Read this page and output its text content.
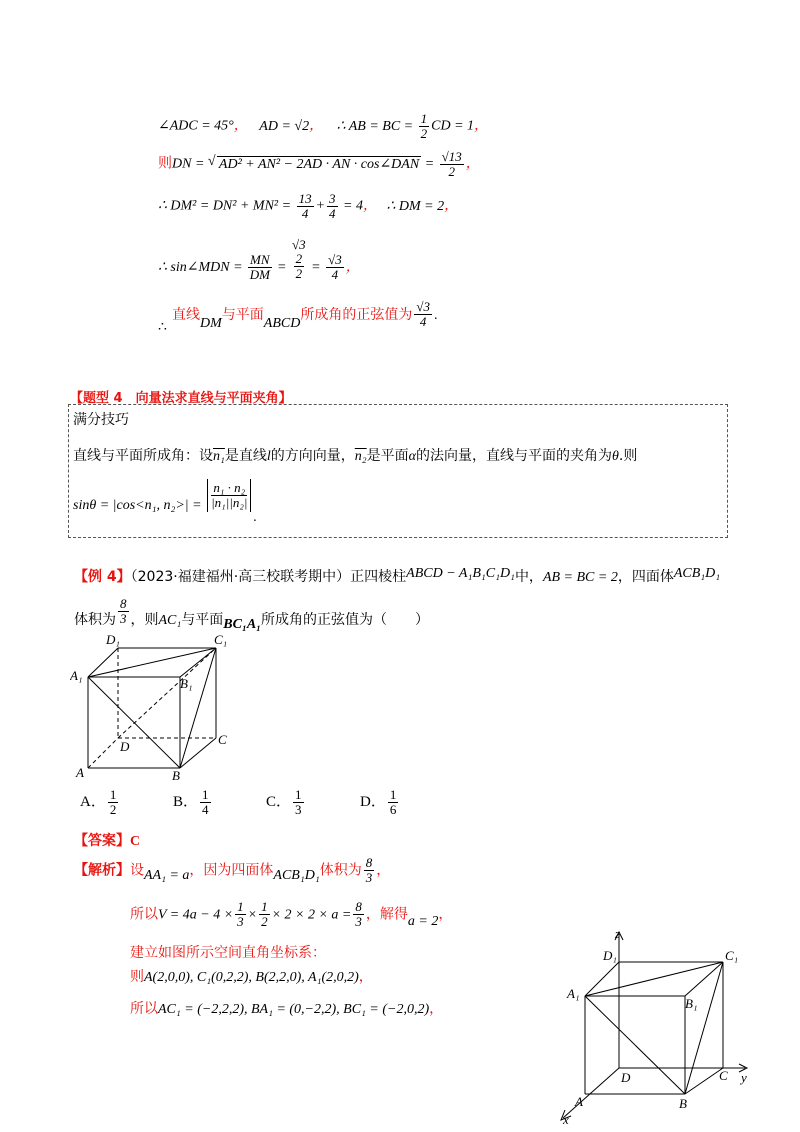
∠ADC = 45°， AD = √2， ∴ AB = BC = $\frac{1}{2}$ CD = 1，
则DN = √ AD² + AN² − 2AD · AN · cos∠DAN = $\frac{√13}{2}$ ，
∴ $DM^2 = DN^2 + MN^2 = \frac{13}{4} + \frac{3}{4} = 4$， ∴ DM = 2，
∴ sin∠MDN = $\frac{MN}{DM}$ =
√3
2
$2 = \frac{√3}{4}$ ，
∴ 直线DM与平面ABCD所成角的正弦值为 $\frac{√3}{4}$ .
【题型 4　向量法求直线与平面夹角】
满分技巧
直线与平面所成角：设n₁是直线l的方向向量，n₂是平面α的法向量，直线与平面的夹角为θ.则
sinθ = |cos<n₁, $n_2>| = \frac{\text{n₁ · n₂}}{\text{|n₁||n₂|}}$
.
【例 4】（2023·福建福州·高三校联考期中）正四棱柱ABCD − A₁B₁C₁D₁中，AB = BC = 2，四面体ACB₁D₁
体积为 $\frac{8}{3}$ ，则AC₁与平面BC₁A₁所成角的正弦值为（　　）
D₁	C₁
A₁
B₁
D	C
A	B
A． $\frac{1}{2}$	B． $\frac{1}{4}$	C． $\frac{1}{3}$	D． $\frac{1}{6}$
【答案】C
【解析】设AA₁ = a，因为四面体ACB₁D₁体积为 $\frac{8}{3}$ ，
所以$V = 4a - 4 \times \frac{1}{3} \times \frac{1}{2} \times 2 \times 2 \times a = \frac{8}{3}$ ，解得a = 2，
建立如图所示空间直角坐标系：
则A(2,0,0), C₁(0,2,2), B(2,2,0), A₁(2,0,2)，
所以AC₁ = (−2,2,2), BA₁ = (0,−2,2), BC₁ = (−2,0,2)，
z
D₁	C₁
A₁
B₁
D	C y
A	B
x
